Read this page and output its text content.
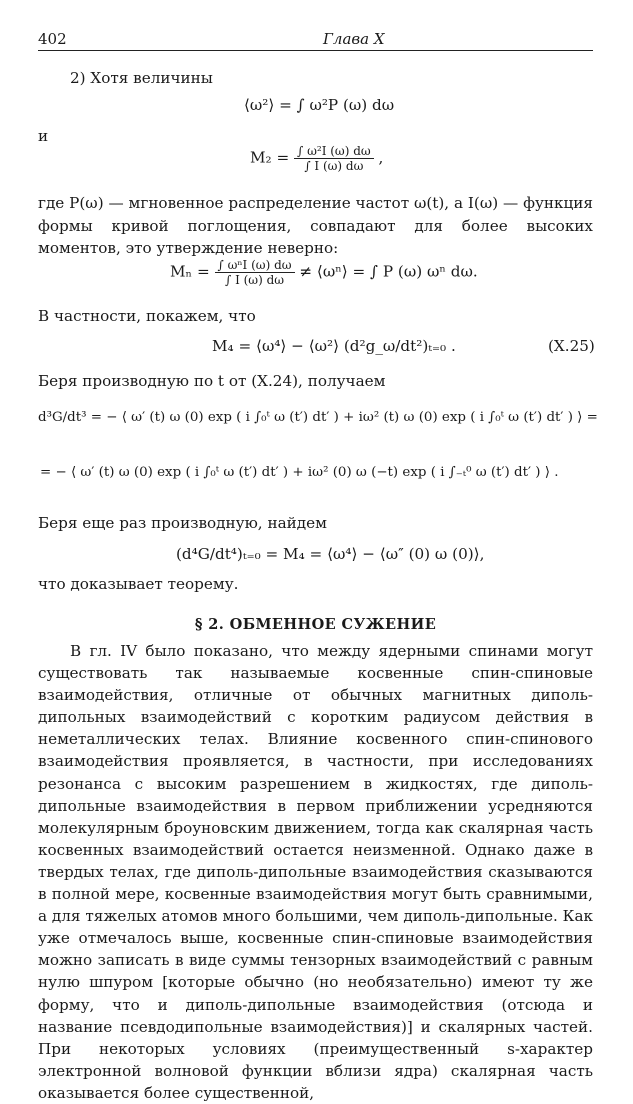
402	Глава X
2) Хотя величины
⟨ω²⟩ = ∫ ω²P (ω) dω
и
$M_2 = \frac{\text{∫ ω²I (ω) dω}}{\int I (\omega) d\omega}$ ,

где P(ω) — мгновенное распределение частот ω(t), а I(ω) — функция формы кривой поглощения, совпадают для более высоких моментов, это утверждение неверно:

$M_n = \frac{\text{∫ ωⁿI (ω) dω}}{\int I (\omega) d\omega}$ ≠ ⟨ωⁿ⟩ = ∫ P (ω) ωⁿ dω.
В частности, покажем, что
M₄ = ⟨ω⁴⟩ − ⟨ω²⟩ (d²g_ω/dt²)ₜ₌₀ .	(X.25)
Беря производную по t от (X.24), получаем
d³G/dt³ = − ⟨ ω′ (t) ω (0) exp ( i ∫₀ᵗ ω (t′) dt′ ) + iω² (t) ω (0) exp ( i ∫₀ᵗ ω (t′) dt′ ) ⟩ =
= − ⟨ ω′ (t) ω (0) exp ( i ∫₀ᵗ ω (t′) dt′ ) + iω² (0) ω (−t) exp ( i ∫₋ₜ⁰ ω (t′) dt′ ) ⟩ .
Беря еще раз производную, найдем
(d⁴G/dt⁴)ₜ₌₀ = M₄ = ⟨ω⁴⟩ − ⟨ω″ (0) ω (0)⟩,
что доказывает теорему.
§ 2. ОБМЕННОЕ СУЖЕНИЕ

В гл. IV было показано, что между ядерными спинами могут существовать так называемые косвенные спин-спиновые взаимодействия, отличные от обычных магнитных диполь-дипольных взаимодействий с коротким радиусом действия в неметаллических телах. Влияние косвенного спин-спинового взаимодействия проявляется, в частности, при исследованиях резонанса с высоким разрешением в жидкостях, где диполь-дипольные взаимодействия в первом приближении усредняются молекулярным броуновским движением, тогда как скалярная часть косвенных взаимодействий остается неизменной. Однако даже в твердых телах, где диполь-дипольные взаимодействия сказываются в полной мере, косвенные взаимодействия могут быть сравнимыми, а для тяжелых атомов много большими, чем диполь-дипольные. Как уже отмечалось выше, косвенные спин-спиновые взаимодействия можно записать в виде суммы тензорных взаимодействий с равным нулю шпуром [которые обычно (но необязательно) имеют ту же форму, что и диполь-дипольные взаимодействия (отсюда и название псевдодипольные взаимодействия)] и скалярных частей. При некоторых условиях (преимущественный s-характер электронной волновой функции вблизи ядра) скалярная часть оказывается более существенной,
